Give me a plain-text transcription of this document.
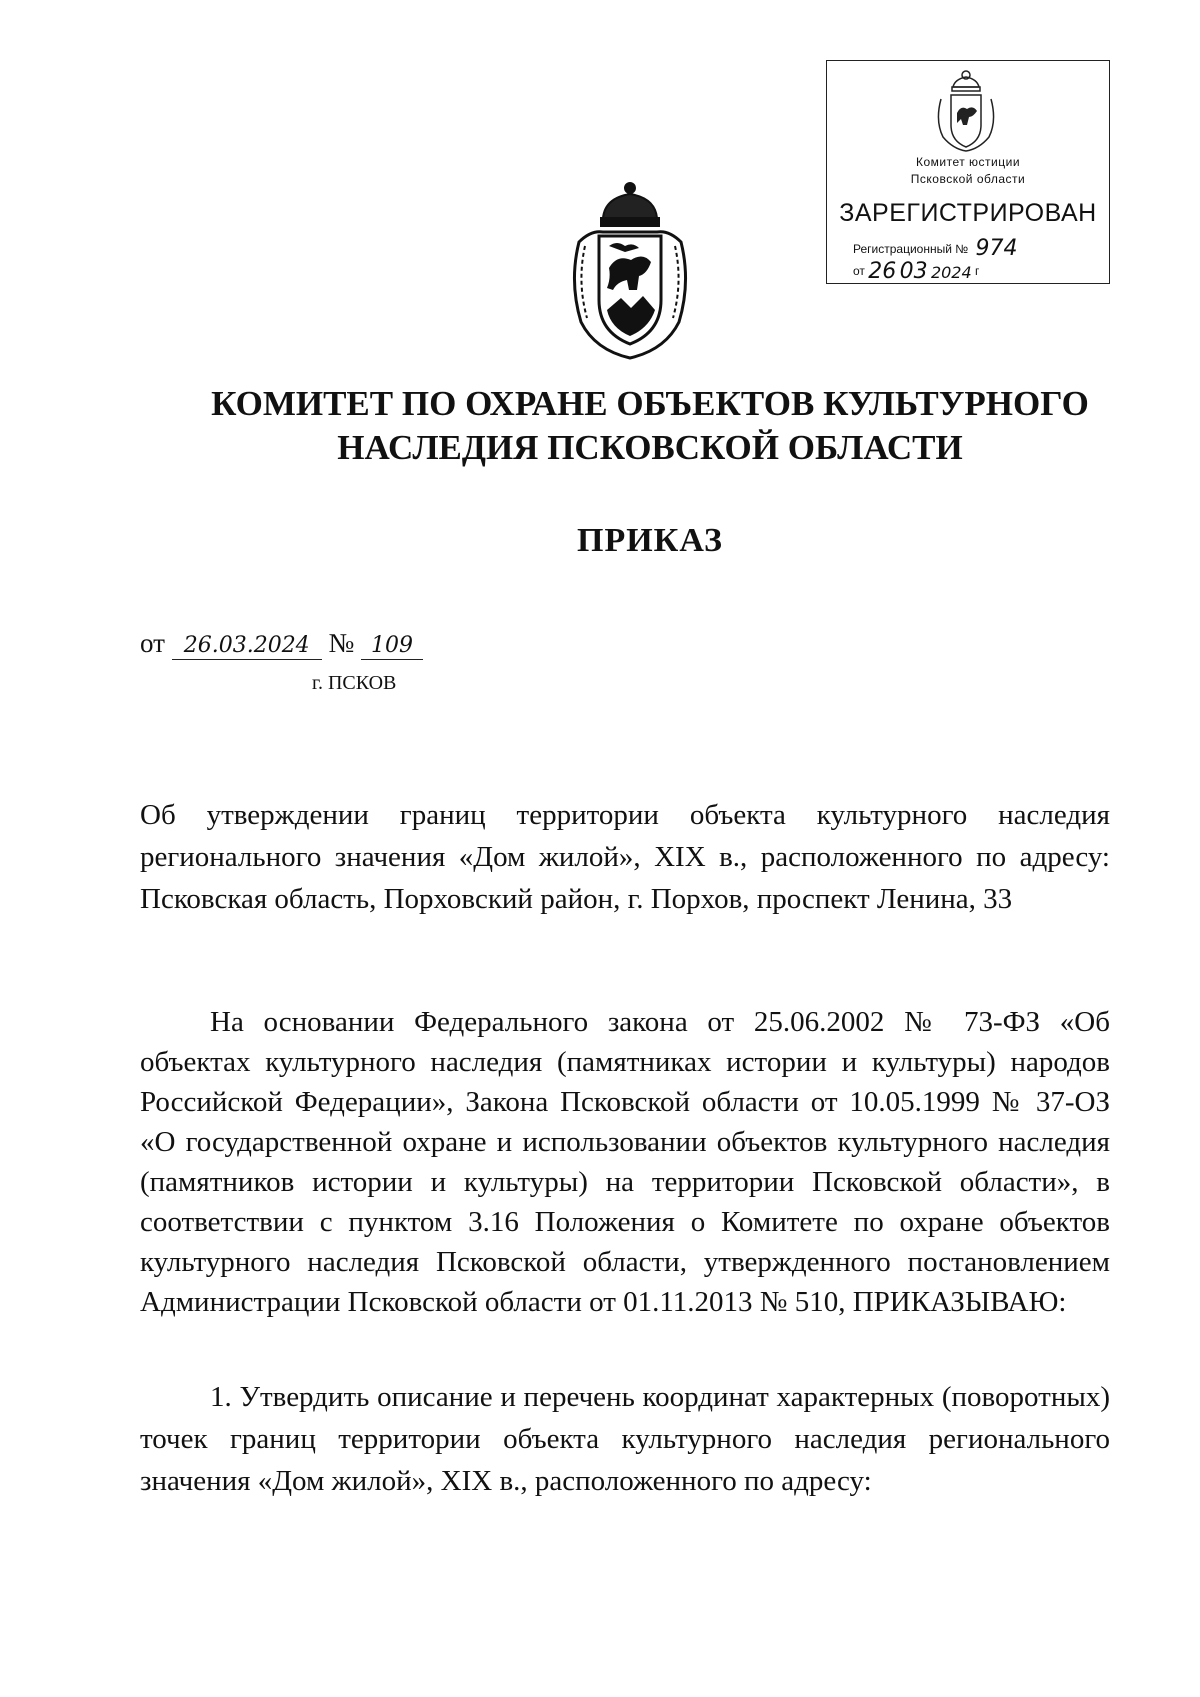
Комитет юстиции
Псковской области
ЗАРЕГИСТРИРОВАН
Регистрационный № 974
от 26 03 2024 г
КОМИТЕТ ПО ОХРАНЕ ОБЪЕКТОВ КУЛЬТУРНОГО
НАСЛЕДИЯ ПСКОВСКОЙ ОБЛАСТИ
ПРИКАЗ
от 26.03.2024 № 109
г. ПСКОВ
Об утверждении границ территории объекта культурного наследия регионального значения «Дом жилой», XIX в., расположенного по адресу: Псковская область, Порховский район, г. Порхов, проспект Ленина, 33
На основании Федерального закона от 25.06.2002 № 73-ФЗ «Об объектах культурного наследия (памятниках истории и культуры) народов Российской Федерации», Закона Псковской области от 10.05.1999 № 37-ОЗ «О государственной охране и использовании объектов культурного наследия (памятников истории и культуры) на территории Псковской области», в соответствии с пунктом 3.16 Положения о Комитете по охране объектов культурного наследия Псковской области, утвержденного постановлением Администрации Псковской области от 01.11.2013 № 510, ПРИКАЗЫВАЮ:
1. Утвердить описание и перечень координат характерных (поворотных) точек границ территории объекта культурного наследия регионального значения «Дом жилой», XIX в., расположенного по адресу:
